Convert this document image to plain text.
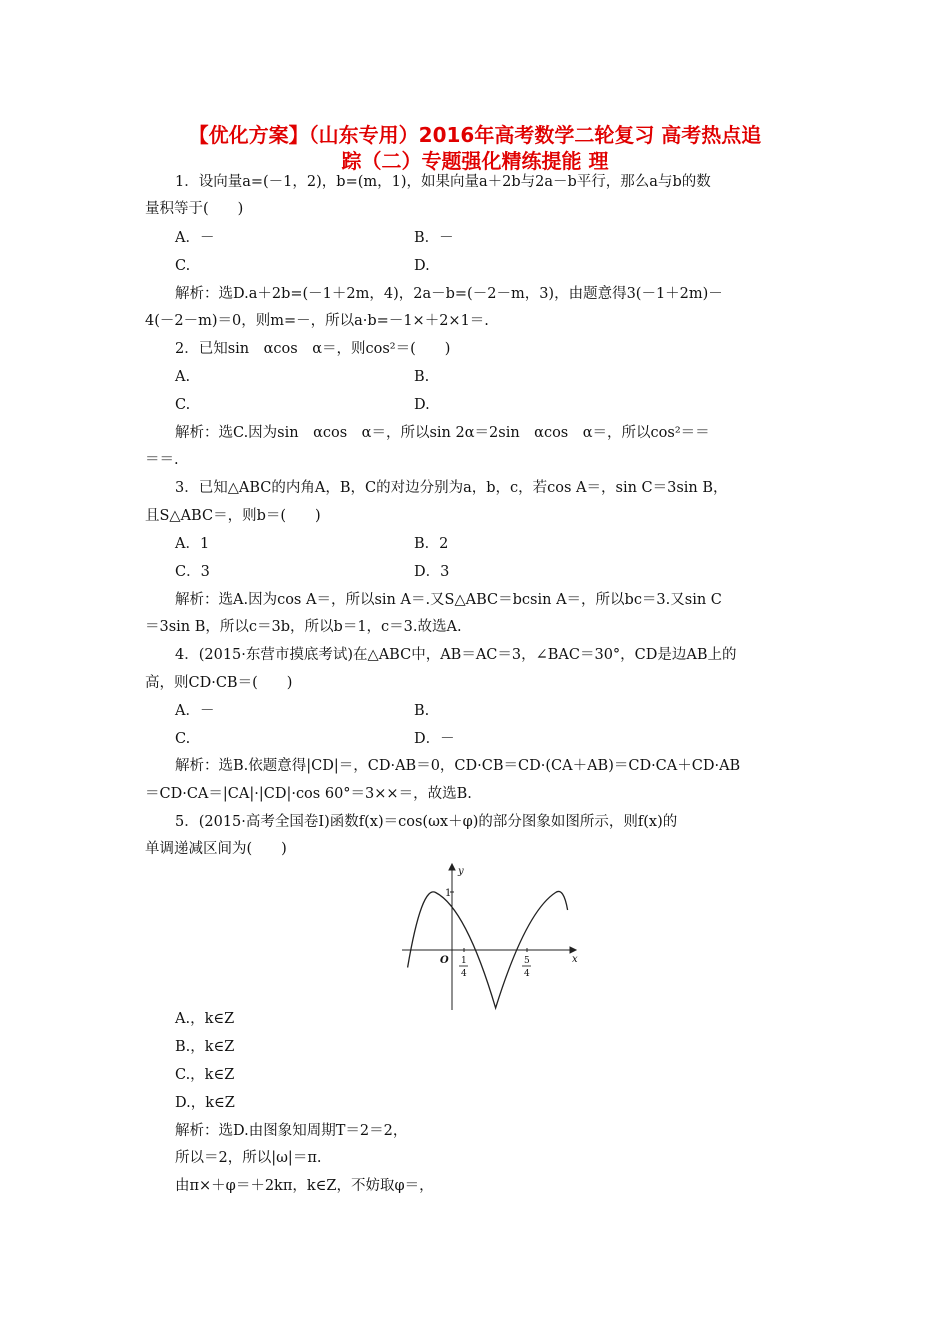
【优化方案】（山东专用）2016年高考数学二轮复习 高考热点追
踪（二）专题强化精练提能 理
1．设向量a=(－1，2)，b=(m，1)，如果向量a＋2b与2a－b平行，那么a与b的数
量积等于(　　)
A．－	B．－
C.	D.
解析：选D.a＋2b=(－1＋2m，4)，2a－b=(－2－m，3)，由题意得3(－1＋2m)－
4(－2－m)＝0，则m=－，所以a·b=－1×＋2×1＝.
2．已知sin　αcos　α＝，则cos²＝(　　)
A.	B.
C.	D.
解析：选C.因为sin　αcos　α＝，所以sin 2α＝2sin　αcos　α＝，所以cos²＝＝
＝＝.
3．已知△ABC的内角A，B，C的对边分别为a，b，c，若cos A＝，sin C＝3sin B，
且S△ABC＝，则b＝(　　)
A．1	B．2
C．3	D．3
解析：选A.因为cos A＝，所以sin A＝.又S△ABC＝bcsin A＝，所以bc＝3.又sin C
＝3sin B，所以c＝3b，所以b＝1，c＝3.故选A.
4．(2015·东营市摸底考试)在△ABC中，AB＝AC＝3，∠BAC＝30°，CD是边AB上的
高，则CD·CB＝(　　)
A．－	B.
C.	D．－
解析：选B.依题意得|CD|＝，CD·AB＝0，CD·CB＝CD·(CA＋AB)＝CD·CA＋CD·AB
＝CD·CA＝|CA|·|CD|·cos 60°＝3××＝，故选B.
5．(2015·高考全国卷Ⅰ)函数f(x)＝cos(ωx＋φ)的部分图象如图所示，则f(x)的
单调递减区间为(　　)
y
x
O
1
1
4
5
4
A.，k∈Z
B.，k∈Z
C.，k∈Z
D.，k∈Z
解析：选D.由图象知周期T＝2＝2，
所以＝2，所以|ω|＝π.
由π×＋φ＝＋2kπ，k∈Z，不妨取φ＝，
